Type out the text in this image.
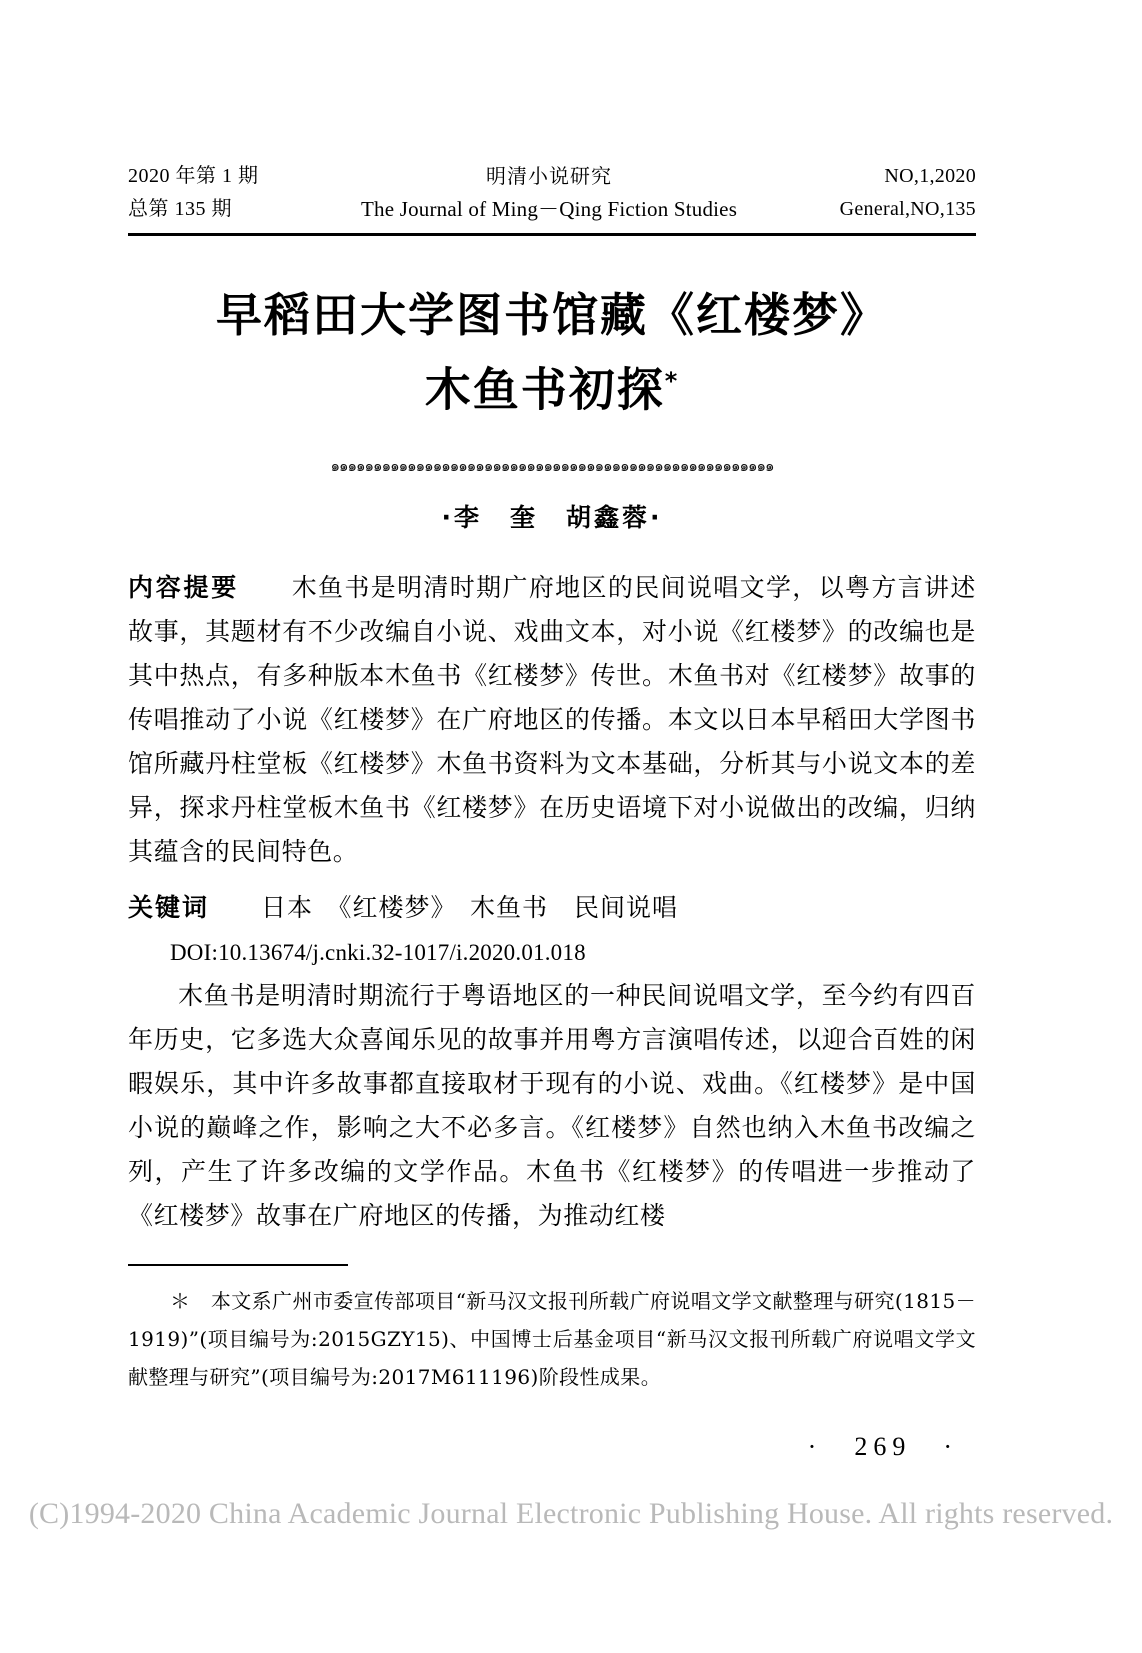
2020 年第 1 期
总第 135 期
明清小说研究
The Journal of Ming－Qing Fiction Studies
NO,1,2020
General,NO,135
早稻田大学图书馆藏《红楼梦》
木鱼书初探*
๑๑๑๑๑๑๑๑๑๑๑๑๑๑๑๑๑๑๑๑๑๑๑๑๑๑๑๑๑๑๑๑๑๑๑๑๑๑๑๑๑๑๑๑๑๑๑๑๑๑๑๑
·李　奎　胡鑫蓉·
内容提要　　木鱼书是明清时期广府地区的民间说唱文学，以粤方言讲述故事，其题材有不少改编自小说、戏曲文本，对小说《红楼梦》的改编也是其中热点，有多种版本木鱼书《红楼梦》传世。木鱼书对《红楼梦》故事的传唱推动了小说《红楼梦》在广府地区的传播。本文以日本早稻田大学图书馆所藏丹柱堂板《红楼梦》木鱼书资料为文本基础，分析其与小说文本的差异，探求丹柱堂板木鱼书《红楼梦》在历史语境下对小说做出的改编，归纳其蕴含的民间特色。
关键词　　日本　《红楼梦》　木鱼书　民间说唱
DOI:10.13674/j.cnki.32-1017/i.2020.01.018
木鱼书是明清时期流行于粤语地区的一种民间说唱文学，至今约有四百年历史，它多选大众喜闻乐见的故事并用粤方言演唱传述，以迎合百姓的闲暇娱乐，其中许多故事都直接取材于现有的小说、戏曲。《红楼梦》是中国小说的巅峰之作，影响之大不必多言。《红楼梦》自然也纳入木鱼书改编之列，产生了许多改编的文学作品。木鱼书《红楼梦》的传唱进一步推动了《红楼梦》故事在广府地区的传播，为推动红楼
＊　本文系广州市委宣传部项目“新马汉文报刊所载广府说唱文学文献整理与研究(1815－1919)”(项目编号为:2015GZY15)、中国博士后基金项目“新马汉文报刊所载广府说唱文学文献整理与研究”(项目编号为:2017M611196)阶段性成果。
·　269　·
(C)1994-2020 China Academic Journal Electronic Publishing House. All rights reserved.
